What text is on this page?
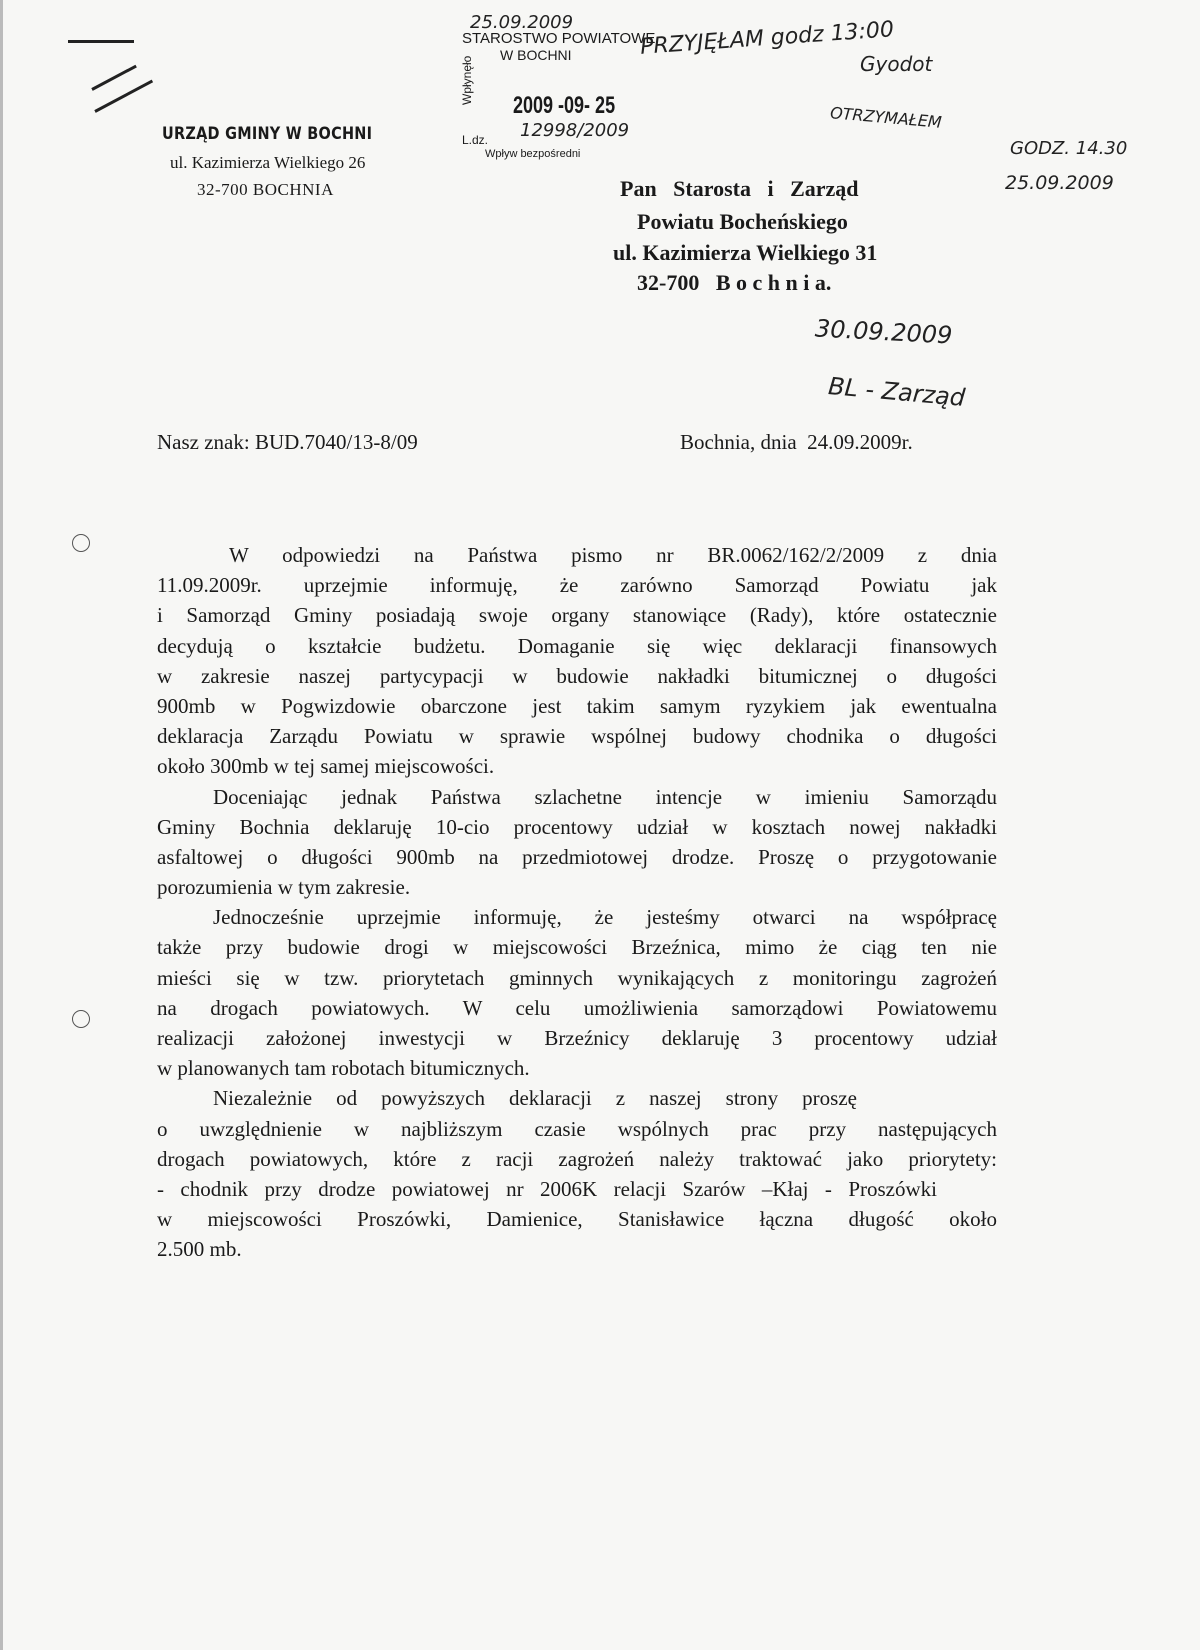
URZĄD GMINY W BOCHNI
ul. Kazimierza Wielkiego 26
32-700 BOCHNIA
STAROSTWO POWIATOWE
W BOCHNI
Wpłynęło
2009 -09- 25
L.dz. 12998/2009
Wpływ bezpośredni
25.09.2009	PRZYJĘŁAM godz 13:00
Gyodot
OTRZYMAŁEM
GODZ. 14.30
25.09.2009
30.09.2009
BL - Zarząd
Pan   Starosta   i   Zarząd
Powiatu Bocheńskiego
ul. Kazimierza Wielkiego 31
32-700   B o c h n i a.
Nasz znak: BUD.7040/13-8/09	Bochnia, dnia  24.09.2009r.
W odpowiedzi na Państwa pismo nr BR.0062/162/2/2009 z dnia
11.09.2009r. uprzejmie informuję, że zarówno Samorząd Powiatu jak
i Samorząd Gminy posiadają swoje organy stanowiące (Rady), które ostatecznie
decydują o kształcie budżetu. Domaganie się więc deklaracji finansowych
w zakresie naszej partycypacji w budowie nakładki bitumicznej o długości
900mb w Pogwizdowie obarczone jest takim samym ryzykiem jak ewentualna
deklaracja Zarządu Powiatu w sprawie wspólnej budowy chodnika o długości
około 300mb w tej samej miejscowości.
Doceniając jednak Państwa szlachetne intencje w imieniu Samorządu
Gminy Bochnia deklaruję 10-cio procentowy udział w kosztach nowej nakładki
asfaltowej o długości 900mb na przedmiotowej drodze. Proszę o przygotowanie
porozumienia w tym zakresie.
Jednocześnie uprzejmie informuję, że jesteśmy otwarci na współpracę
także przy budowie drogi w miejscowości Brzeźnica, mimo że ciąg ten nie
mieści się w tzw. priorytetach gminnych wynikających z monitoringu zagrożeń
na drogach powiatowych. W celu umożliwienia samorządowi Powiatowemu
realizacji założonej inwestycji w Brzeźnicy deklaruję 3 procentowy udział
w planowanych tam robotach bitumicznych.
Niezależnie od powyższych deklaracji z naszej strony proszę
o uwzględnienie w najbliższym czasie wspólnych prac przy następujących
drogach powiatowych, które z racji zagrożeń należy traktować jako priorytety:
- chodnik przy drodze powiatowej nr 2006K relacji Szarów –Kłaj - Proszówki
w miejscowości Proszówki, Damienice, Stanisławice łączna długość około
2.500 mb.
